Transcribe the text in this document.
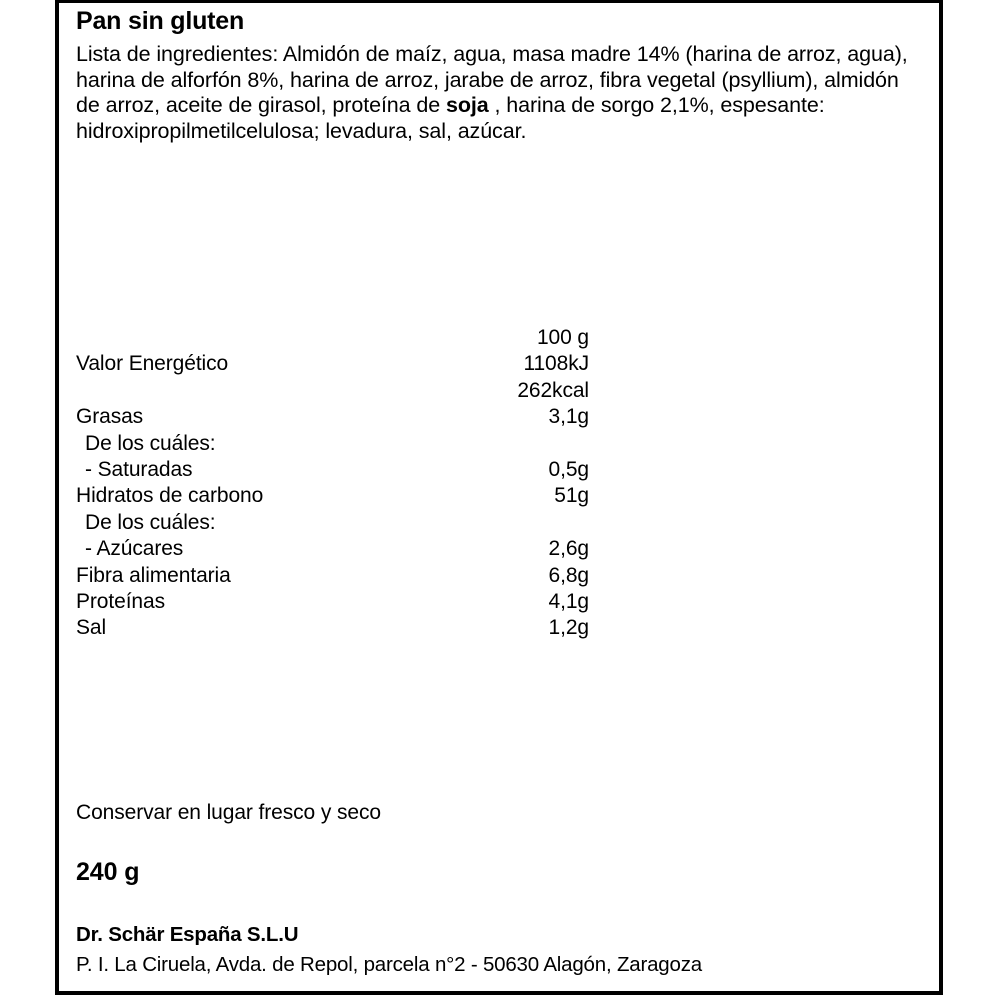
Pan sin gluten
Lista de ingredientes: Almidón de maíz, agua, masa madre 14% (harina de arroz, agua), harina de alforfón 8%, harina de arroz, jarabe de arroz, fibra vegetal (psyllium), almidón de arroz, aceite de girasol, proteína de soja , harina de sorgo 2,1%, espesante: hidroxipropilmetilcelulosa; levadura, sal, azúcar.
100 g
Valor Energético	1108kJ
262kcal
Grasas	3,1g
De los cuáles:
- Saturadas	0,5g
Hidratos de carbono	51g
De los cuáles:
- Azúcares	2,6g
Fibra alimentaria	6,8g
Proteínas	4,1g
Sal	1,2g
Conservar en lugar fresco y seco
240 g
Dr. Schär España S.L.U
P. I. La Ciruela, Avda. de Repol, parcela n°2 - 50630 Alagón, Zaragoza
